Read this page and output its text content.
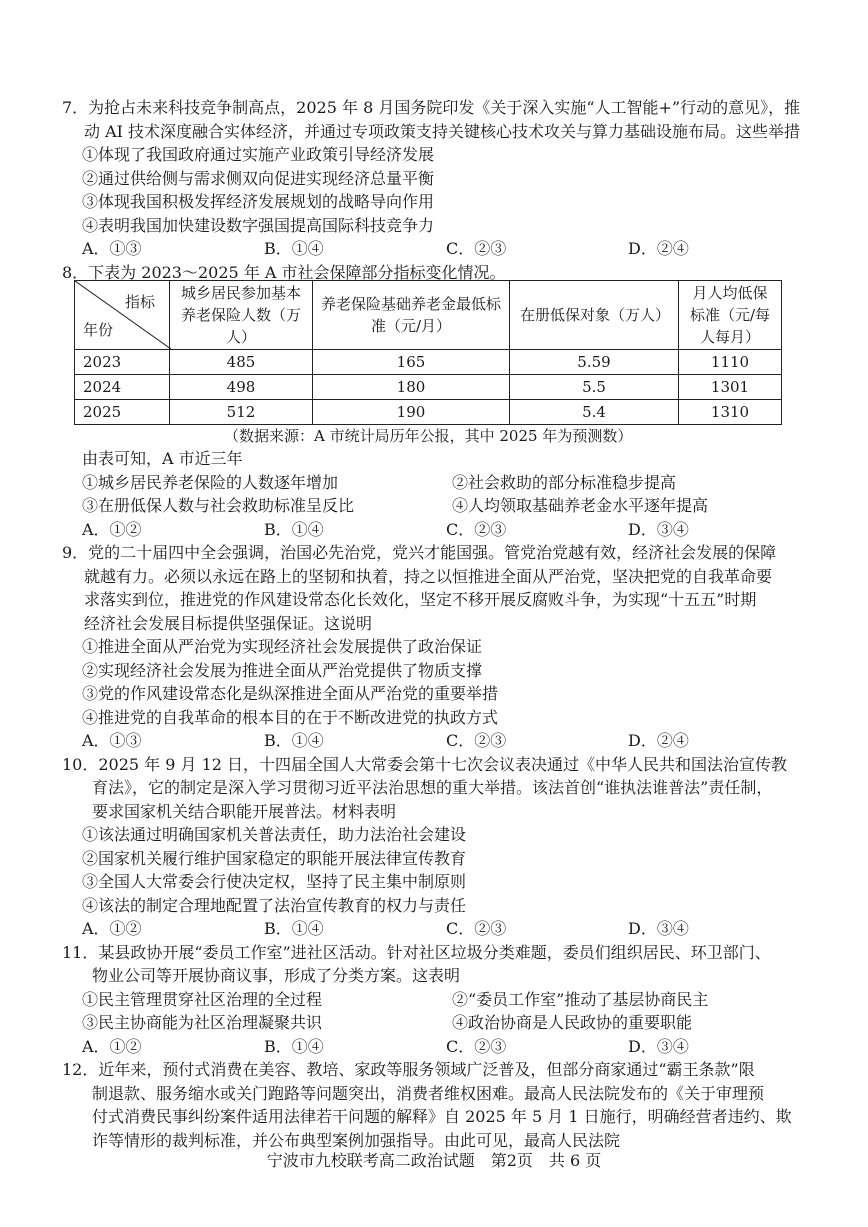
7．为抢占未来科技竞争制高点，2025 年 8 月国务院印发《关于深入实施“人工智能+”行动的意见》，推
动 AI 技术深度融合实体经济，并通过专项政策支持关键核心技术攻关与算力基础设施布局。这些举措

①体现了我国政府通过实施产业政策引导经济发展

②通过供给侧与需求侧双向促进实现经济总量平衡

③体现我国积极发挥经济发展规划的战略导向作用

④表明我国加快建设数字强国提高国际科技竞争力

A．①③	B．①④	C．②③	D．②④

8．下表为 2023～2025 年 A 市社会保障部分指标变化情况。

指标
年份	城乡居民参加基本养老保险人数（万人）	养老保险基础养老金最低标准（元/月）	在册低保对象（万人）	月人均低保标准（元/每人每月）
2023	485	165	5.59	1110
2024	498	180	5.5	1301
2025	512	190	5.4	1310
（数据来源：A 市统计局历年公报，其中 2025 年为预测数）

由表可知，A 市近三年

①城乡居民养老保险的人数逐年增加	②社会救助的部分标准稳步提高
③在册低保人数与社会救助标准呈反比	④人均领取基础养老金水平逐年提高
A．①②	B．①④	C．②③	D．③④

9．党的二十届四中全会强调，治国必先治党，党兴才能国强。管党治党越有效，经济社会发展的保障
就越有力。必须以永远在路上的坚韧和执着，持之以恒推进全面从严治党，坚决把党的自我革命要
求落实到位，推进党的作风建设常态化长效化，坚定不移开展反腐败斗争，为实现“十五五”时期
经济社会发展目标提供坚强保证。这说明

①推进全面从严治党为实现经济社会发展提供了政治保证

②实现经济社会发展为推进全面从严治党提供了物质支撑

③党的作风建设常态化是纵深推进全面从严治党的重要举措

④推进党的自我革命的根本目的在于不断改进党的执政方式

A．①③	B．①④	C．②③	D．②④

10．2025 年 9 月 12 日，十四届全国人大常委会第十七次会议表决通过《中华人民共和国法治宣传教
育法》，它的制定是深入学习贯彻习近平法治思想的重大举措。该法首创“谁执法谁普法”责任制，
要求国家机关结合职能开展普法。材料表明

①该法通过明确国家机关普法责任，助力法治社会建设

②国家机关履行维护国家稳定的职能开展法律宣传教育

③全国人大常委会行使决定权，坚持了民主集中制原则

④该法的制定合理地配置了法治宣传教育的权力与责任

A．①②	B．①④	C．②③	D．③④

11．某县政协开展“委员工作室”进社区活动。针对社区垃圾分类难题，委员们组织居民、环卫部门、
物业公司等开展协商议事，形成了分类方案。这表明

①民主管理贯穿社区治理的全过程	②“委员工作室”推动了基层协商民主
③民主协商能为社区治理凝聚共识	④政治协商是人民政协的重要职能
A．①②	B．①④	C．②③	D．③④

12．近年来，预付式消费在美容、教培、家政等服务领域广泛普及，但部分商家通过“霸王条款”限
制退款、服务缩水或关门跑路等问题突出，消费者维权困难。最高人民法院发布的《关于审理预
付式消费民事纠纷案件适用法律若干问题的解释》自 2025 年 5 月 1 日施行，明确经营者违约、欺
诈等情形的裁判标准，并公布典型案例加强指导。由此可见，最高人民法院

宁波市九校联考高二政治试题　第2页　共 6 页
